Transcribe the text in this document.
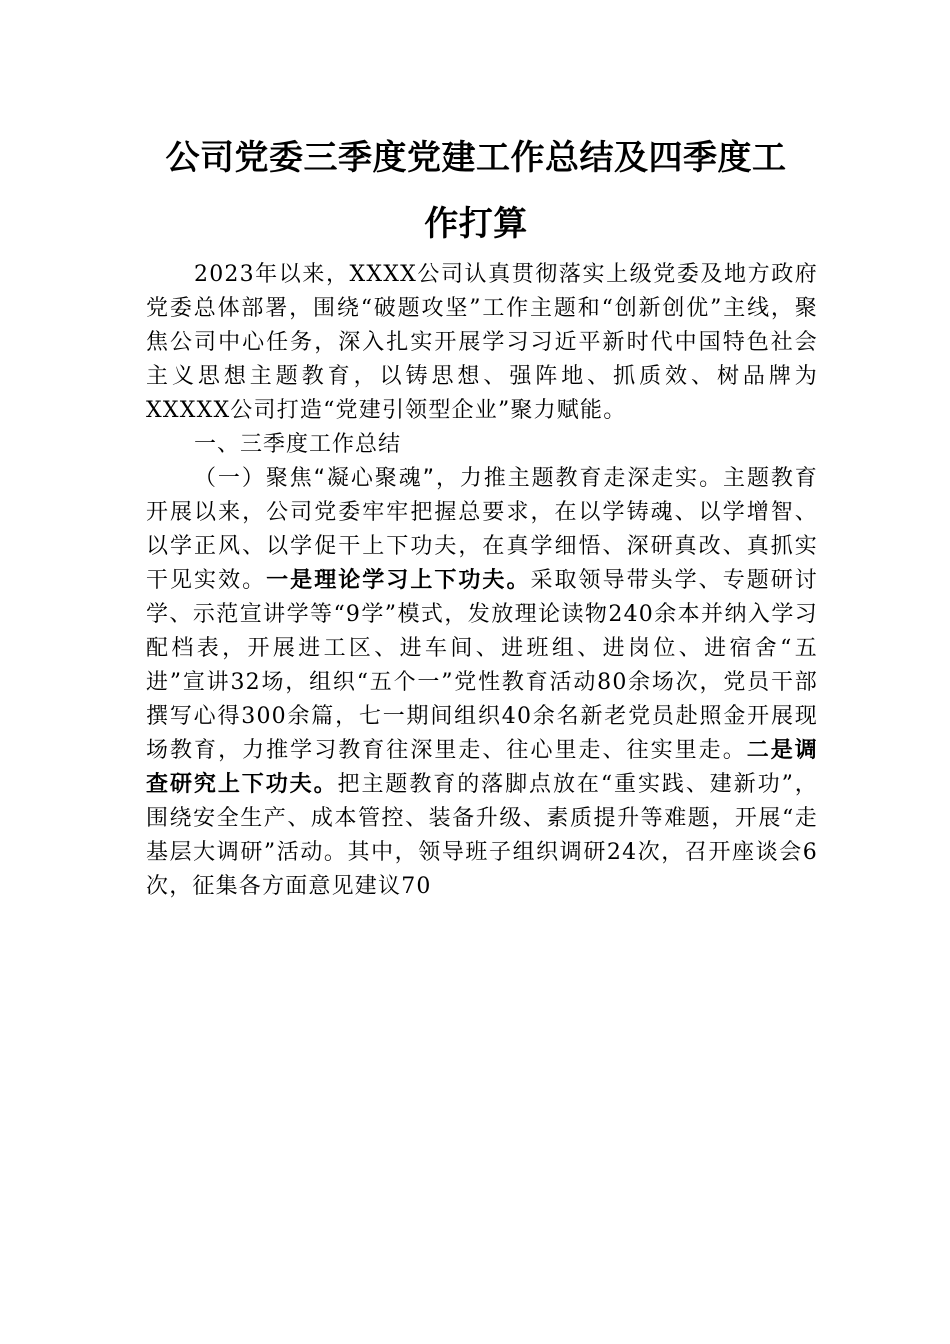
公司党委三季度党建工作总结及四季度工
作打算

2023年以来，XXXX公司认真贯彻落实上级党委及地方政府党委总体部署，围绕“破题攻坚”工作主题和“创新创优”主线，聚焦公司中心任务，深入扎实开展学习习近平新时代中国特色社会主义思想主题教育，以铸思想、强阵地、抓质效、树品牌为XXXXX公司打造“党建引领型企业”聚力赋能。

一、三季度工作总结

（一）聚焦“凝心聚魂”，力推主题教育走深走实。主题教育开展以来，公司党委牢牢把握总要求，在以学铸魂、以学增智、以学正风、以学促干上下功夫，在真学细悟、深研真改、真抓实干见实效。一是理论学习上下功夫。采取领导带头学、专题研讨学、示范宣讲学等“9学”模式，发放理论读物240余本并纳入学习配档表，开展进工区、进车间、进班组、进岗位、进宿舍“五进”宣讲32场，组织“五个一”党性教育活动80余场次，党员干部撰写心得300余篇，七一期间组织40余名新老党员赴照金开展现场教育，力推学习教育往深里走、往心里走、往实里走。二是调查研究上下功夫。把主题教育的落脚点放在“重实践、建新功”，围绕安全生产、成本管控、装备升级、素质提升等难题，开展“走基层大调研”活动。其中，领导班子组织调研24次，召开座谈会6次，征集各方面意见建议70
